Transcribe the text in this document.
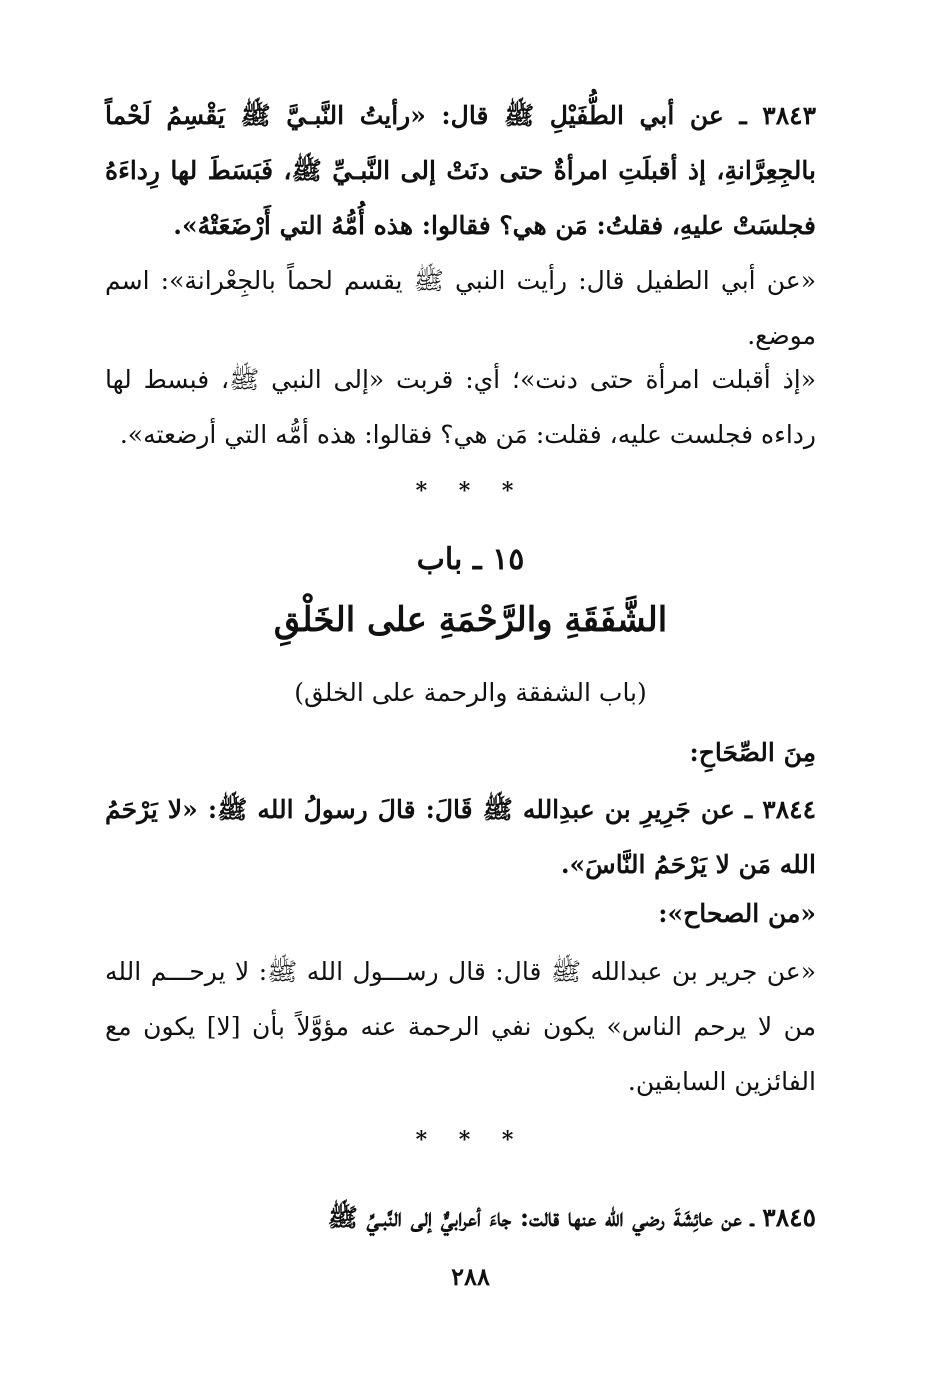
٣٨٤٣ ـ عن أبي الطُّفَيْلِ ﷺ قال: «رأيتُ النَّبـيَّ ﷺ يَقْسِمُ لَحْماً بالجِعِرَّانةِ، إذ أقبلَتِ امرأةٌ حتى دنَتْ إلى النَّبـيِّ ﷺ، فَبَسَطَ لها رِداءَهُ فجلسَتْ عليهِ، فقلتُ: مَن هي؟ فقالوا: هذه أُمُّهُ التي أَرْضَعَتْهُ».

«عن أبي الطفيل قال: رأيت النبي ﷺ يقسم لحماً بالجِعْرانة»: اسم موضع.

«إذ أقبلت امرأة حتى دنت»؛ أي: قربت «إلى النبي ﷺ، فبسط لها رداءه فجلست عليه، فقلت: مَن هي؟ فقالوا: هذه أمُّه التي أرضعته».

* * *
١٥ ـ باب
الشَّفَقَةِ والرَّحْمَةِ على الخَلْقِ
(باب الشفقة والرحمة على الخلق)
مِنَ الصِّحَاحِ:

٣٨٤٤ ـ عن جَرِيرِ بن عبدِالله ﷺ قَالَ: قالَ رسولُ الله ﷺ: «لا يَرْحَمُ الله مَن لا يَرْحَمُ النَّاسَ».

«من الصحاح»:

«عن جرير بن عبدالله ﷺ قال: قال رســـول الله ﷺ: لا يرحـــم الله من لا يرحم الناس» يكون نفي الرحمة عنه مؤوَّلاً بأن [لا] يكون مع الفائزين السابقين.

* * *

٣٨٤٥ ـ عن عائِشَةَ رضي الله عنها قالت: جاءَ أعرابيٌّ إلى النَّبـيِّ ﷺ

٢٨٨
